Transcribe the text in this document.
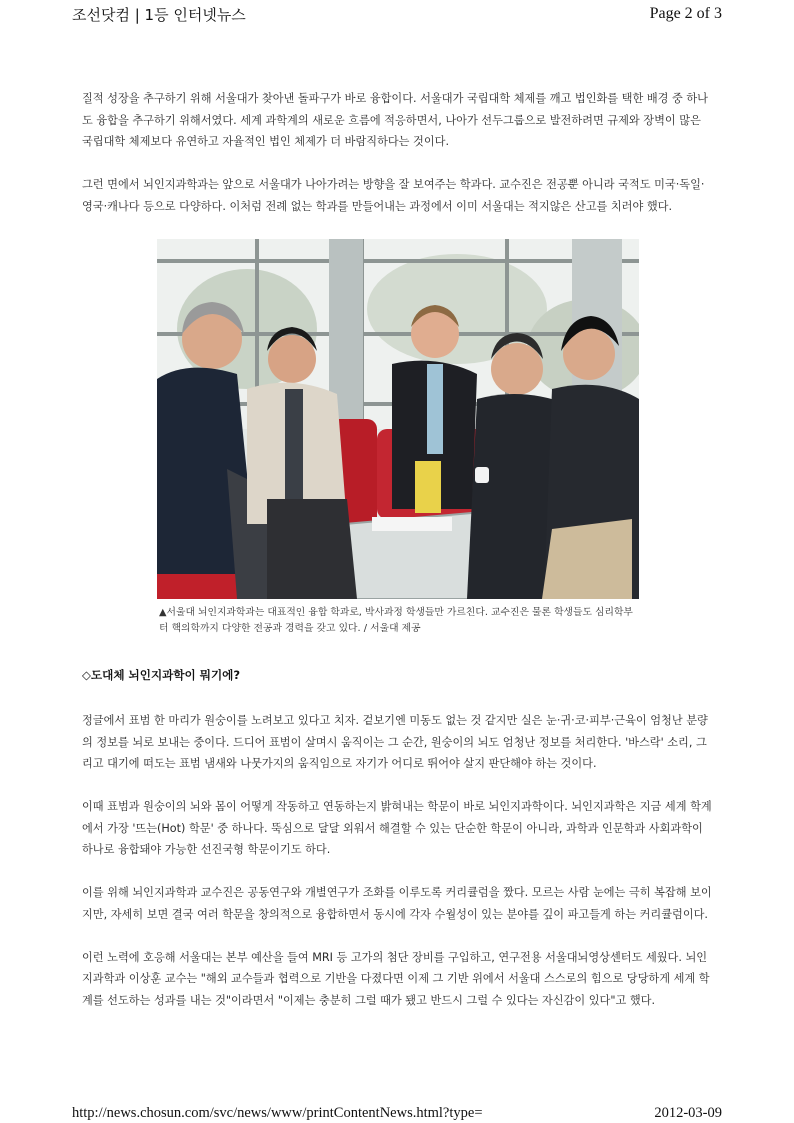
조선닷컴 | 1등 인터넷뉴스	Page 2 of 3

질적 성장을 추구하기 위해 서울대가 찾아낸 돌파구가 바로 융합이다. 서울대가 국립대학 체제를 깨고 법인화를 택한 배경 중 하나도 융합을 추구하기 위해서였다. 세계 과학계의 새로운 흐름에 적응하면서, 나아가 선두그룹으로 발전하려면 규제와 장벽이 많은 국립대학 체제보다 유연하고 자율적인 법인 체제가 더 바람직하다는 것이다.

그런 면에서 뇌인지과학과는 앞으로 서울대가 나아가려는 방향을 잘 보여주는 학과다. 교수진은 전공뿐 아니라 국적도 미국·독일·영국·캐나다 등으로 다양하다. 이처럼 전례 없는 학과를 만들어내는 과정에서 이미 서울대는 적지않은 산고를 치러야 했다.

▲서울대 뇌인지과학과는 대표적인 융합 학과로, 박사과정 학생들만 가르친다. 교수진은 물론 학생들도 심리학부터 핵의학까지 다양한 전공과 경력을 갖고 있다. / 서울대 제공
◇도대체 뇌인지과학이 뭐기에?

정글에서 표범 한 마리가 원숭이를 노려보고 있다고 치자. 겉보기엔 미동도 없는 것 같지만 실은 눈·귀·코·피부·근육이 엄청난 분량의 정보를 뇌로 보내는 중이다. 드디어 표범이 살며시 움직이는 그 순간, 원숭이의 뇌도 엄청난 정보를 처리한다. '바스락' 소리, 그리고 대기에 떠도는 표범 냄새와 나뭇가지의 움직임으로 자기가 어디로 뛰어야 살지 판단해야 하는 것이다.

이때 표범과 원숭이의 뇌와 몸이 어떻게 작동하고 연동하는지 밝혀내는 학문이 바로 뇌인지과학이다. 뇌인지과학은 지금 세계 학계에서 가장 '뜨는(Hot) 학문' 중 하나다. 뚝심으로 달달 외워서 해결할 수 있는 단순한 학문이 아니라, 과학과 인문학과 사회과학이 하나로 융합돼야 가능한 선진국형 학문이기도 하다.

이를 위해 뇌인지과학과 교수진은 공동연구와 개별연구가 조화를 이루도록 커리큘럼을 짰다. 모르는 사람 눈에는 극히 복잡해 보이지만, 자세히 보면 결국 여러 학문을 창의적으로 융합하면서 동시에 각자 수월성이 있는 분야를 깊이 파고들게 하는 커리큘럼이다.

이런 노력에 호응해 서울대는 본부 예산을 들여 MRI 등 고가의 첨단 장비를 구입하고, 연구전용 서울대뇌영상센터도 세웠다. 뇌인지과학과 이상훈 교수는 "해외 교수들과 협력으로 기반을 다졌다면 이제 그 기반 위에서 서울대 스스로의 힘으로 당당하게 세계 학계를 선도하는 성과를 내는 것"이라면서 "이제는 충분히 그럴 때가 됐고 반드시 그럴 수 있다는 자신감이 있다"고 했다.

http://news.chosun.com/svc/news/www/printContentNews.html?type=	2012-03-09
